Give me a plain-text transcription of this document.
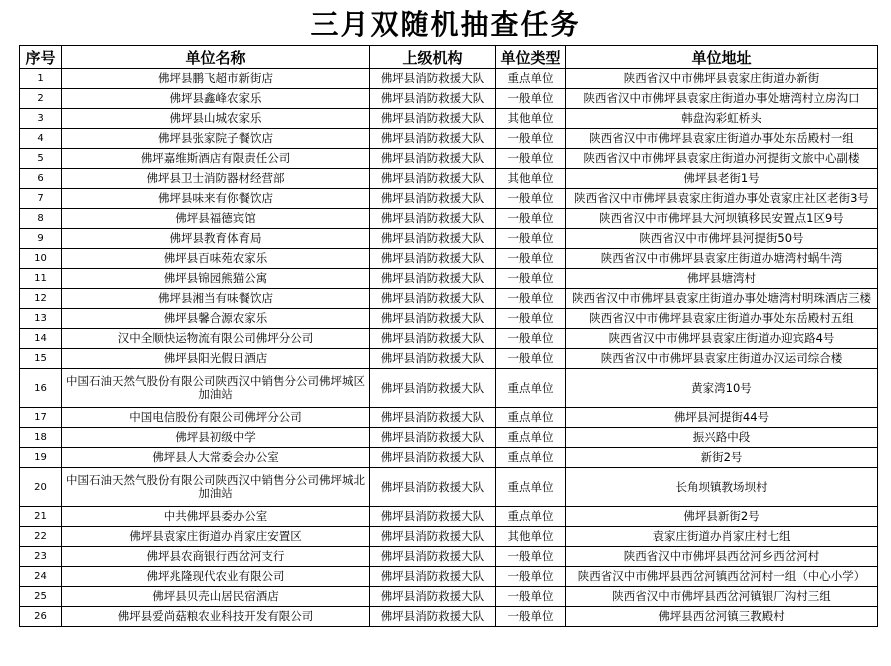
三月双随机抽查任务
序号	单位名称	上级机构	单位类型	单位地址
1	佛坪县鹏飞超市新街店	佛坪县消防救援大队	重点单位	陕西省汉中市佛坪县袁家庄街道办新街
2	佛坪县鑫峰农家乐	佛坪县消防救援大队	一般单位	陕西省汉中市佛坪县袁家庄街道办事处塘湾村立房沟口
3	佛坪县山城农家乐	佛坪县消防救援大队	其他单位	韩盘沟彩虹桥头
4	佛坪县张家院子餐饮店	佛坪县消防救援大队	一般单位	陕西省汉中市佛坪县袁家庄街道办事处东岳殿村一组
5	佛坪嘉维斯酒店有限责任公司	佛坪县消防救援大队	一般单位	陕西省汉中市佛坪县袁家庄街道办河提街文旅中心副楼
6	佛坪县卫士消防器材经营部	佛坪县消防救援大队	其他单位	佛坪县老街1号
7	佛坪县味来有你餐饮店	佛坪县消防救援大队	一般单位	陕西省汉中市佛坪县袁家庄街道办事处袁家庄社区老街3号
8	佛坪县福德宾馆	佛坪县消防救援大队	一般单位	陕西省汉中市佛坪县大河坝镇移民安置点1区9号
9	佛坪县教育体育局	佛坪县消防救援大队	一般单位	陕西省汉中市佛坪县河提街50号
10	佛坪县百味苑农家乐	佛坪县消防救援大队	一般单位	陕西省汉中市佛坪县袁家庄街道办塘湾村蜗牛湾
11	佛坪县锦园熊猫公寓	佛坪县消防救援大队	一般单位	佛坪县塘湾村
12	佛坪县湘当有味餐饮店	佛坪县消防救援大队	一般单位	陕西省汉中市佛坪县袁家庄街道办事处塘湾村明珠酒店三楼
13	佛坪县馨合源农家乐	佛坪县消防救援大队	一般单位	陕西省汉中市佛坪县袁家庄街道办事处东岳殿村五组
14	汉中全顺快运物流有限公司佛坪分公司	佛坪县消防救援大队	一般单位	陕西省汉中市佛坪县袁家庄街道办迎宾路4号
15	佛坪县阳光假日酒店	佛坪县消防救援大队	一般单位	陕西省汉中市佛坪县袁家庄街道办汉运司综合楼
16	中国石油天然气股份有限公司陕西汉中销售分公司佛坪城区加油站	佛坪县消防救援大队	重点单位	黄家湾10号
17	中国电信股份有限公司佛坪分公司	佛坪县消防救援大队	重点单位	佛坪县河提街44号
18	佛坪县初级中学	佛坪县消防救援大队	重点单位	振兴路中段
19	佛坪县人大常委会办公室	佛坪县消防救援大队	重点单位	新街2号
20	中国石油天然气股份有限公司陕西汉中销售分公司佛坪城北加油站	佛坪县消防救援大队	重点单位	长角坝镇教场坝村
21	中共佛坪县委办公室	佛坪县消防救援大队	重点单位	佛坪县新街2号
22	佛坪县袁家庄街道办肖家庄安置区	佛坪县消防救援大队	其他单位	袁家庄街道办肖家庄村七组
23	佛坪县农商银行西岔河支行	佛坪县消防救援大队	一般单位	陕西省汉中市佛坪县西岔河乡西岔河村
24	佛坪兆隆现代农业有限公司	佛坪县消防救援大队	一般单位	陕西省汉中市佛坪县西岔河镇西岔河村一组（中心小学）
25	佛坪县贝壳山居民宿酒店	佛坪县消防救援大队	一般单位	陕西省汉中市佛坪县西岔河镇银厂沟村三组
26	佛坪县爱尚菇粮农业科技开发有限公司	佛坪县消防救援大队	一般单位	佛坪县西岔河镇三教殿村
